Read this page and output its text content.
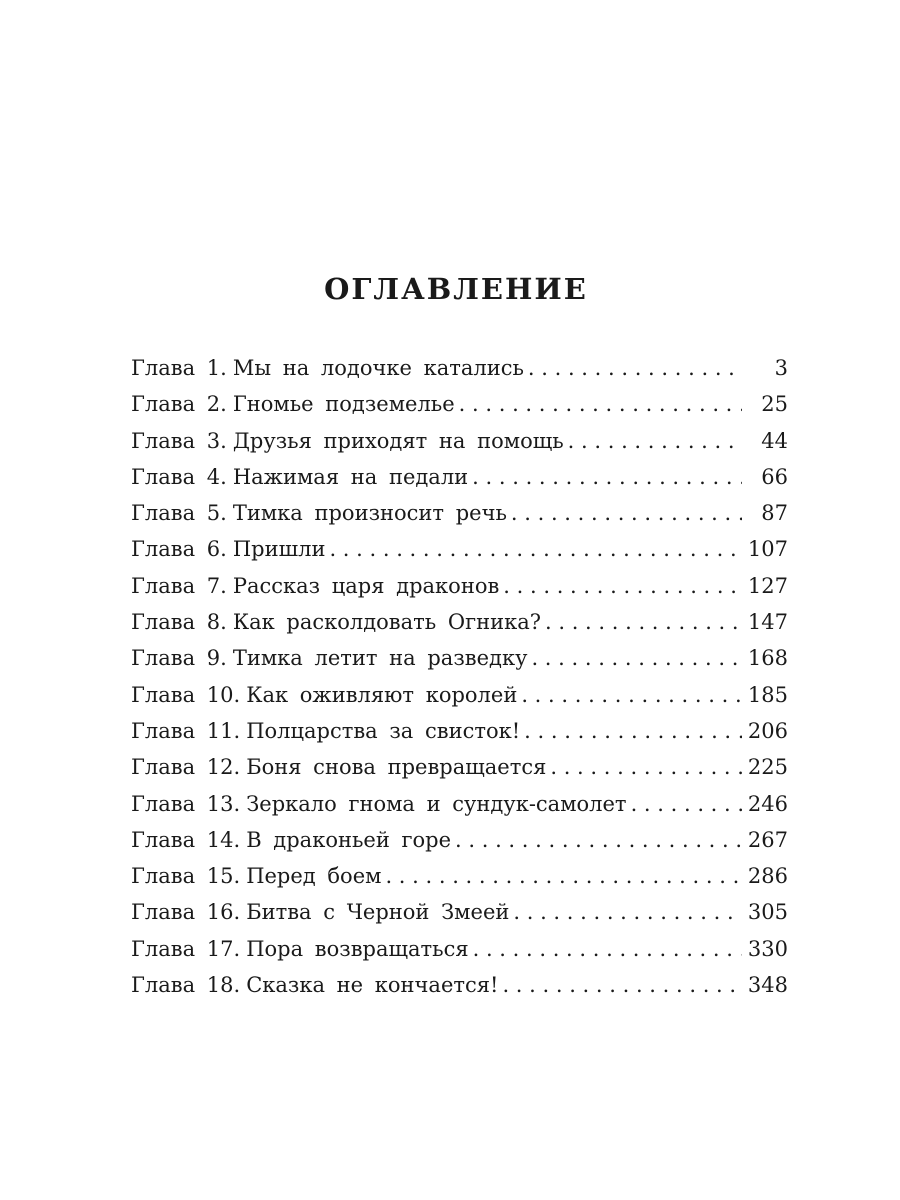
ОГЛАВЛЕНИЕ
Глава 1. Мы на лодочке катались . . .	3
Глава 2. Гномье подземелье . . .	25
Глава 3. Друзья приходят на помощь . . .	44
Глава 4. Нажимая на педали . . .	66
Глава 5. Тимка произносит речь . . .	87
Глава 6. Пришли . . .	107
Глава 7. Рассказ царя драконов . . .	127
Глава 8. Как расколдовать Огника? . . .	147
Глава 9. Тимка летит на разведку . . .	168
Глава 10. Как оживляют королей . . .	185
Глава 11. Полцарства за свисток! . . .	206
Глава 12. Боня снова превращается . . .	225
Глава 13. Зеркало гнома и сундук-самолет . . .	246
Глава 14. В драконьей горе . . .	267
Глава 15. Перед боем . . .	286
Глава 16. Битва с Черной Змеей . . .	305
Глава 17. Пора возвращаться . . .	330
Глава 18. Сказка не кончается! . . .	348
